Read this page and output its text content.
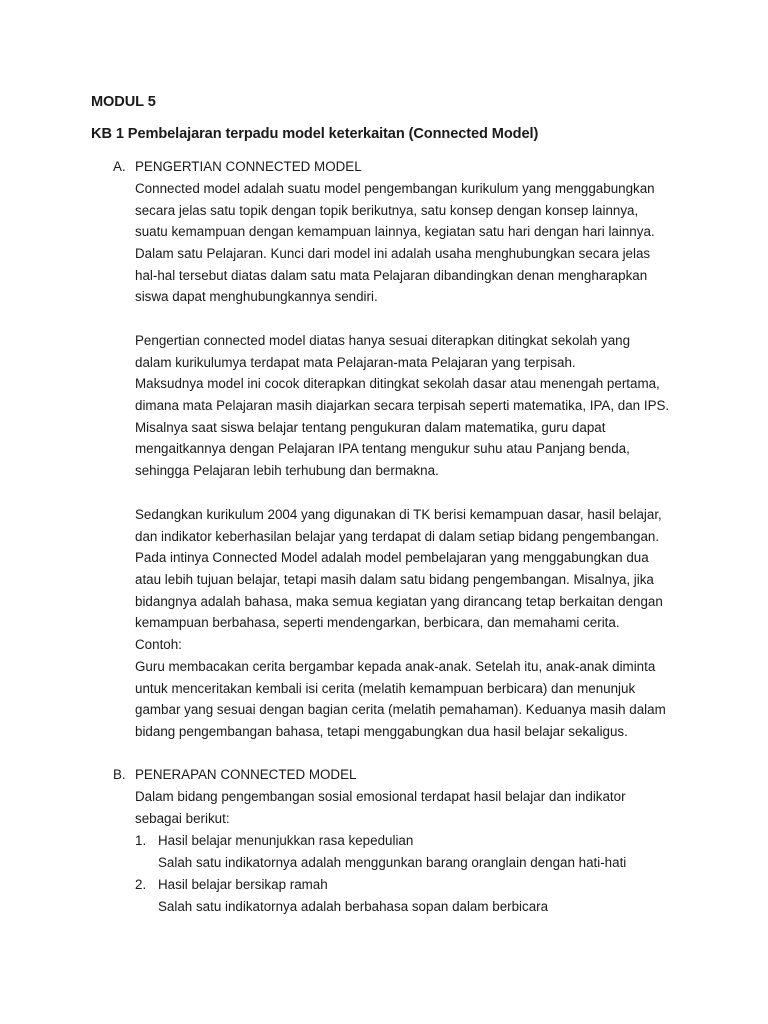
MODUL 5
KB 1 Pembelajaran terpadu model keterkaitan (Connected Model)
A. PENGERTIAN CONNECTED MODEL
Connected model adalah suatu model pengembangan kurikulum yang menggabungkan
secara jelas satu topik dengan topik berikutnya, satu konsep dengan konsep lainnya,
suatu kemampuan dengan kemampuan lainnya, kegiatan satu hari dengan hari lainnya.
Dalam satu Pelajaran. Kunci dari model ini adalah usaha menghubungkan secara jelas
hal-hal tersebut diatas dalam satu mata Pelajaran dibandingkan denan mengharapkan
siswa dapat menghubungkannya sendiri.
Pengertian connected model diatas hanya sesuai diterapkan ditingkat sekolah yang
dalam kurikulumya terdapat mata Pelajaran-mata Pelajaran yang terpisah.
Maksudnya model ini cocok diterapkan ditingkat sekolah dasar atau menengah pertama,
dimana mata Pelajaran masih diajarkan secara terpisah seperti matematika, IPA, dan IPS.
Misalnya saat siswa belajar tentang pengukuran dalam matematika, guru dapat
mengaitkannya dengan Pelajaran IPA tentang mengukur suhu atau Panjang benda,
sehingga Pelajaran lebih terhubung dan bermakna.
Sedangkan kurikulum 2004 yang digunakan di TK berisi kemampuan dasar, hasil belajar,
dan indikator keberhasilan belajar yang terdapat di dalam setiap bidang pengembangan.
Pada intinya Connected Model adalah model pembelajaran yang menggabungkan dua
atau lebih tujuan belajar, tetapi masih dalam satu bidang pengembangan. Misalnya, jika
bidangnya adalah bahasa, maka semua kegiatan yang dirancang tetap berkaitan dengan
kemampuan berbahasa, seperti mendengarkan, berbicara, dan memahami cerita.
Contoh:
Guru membacakan cerita bergambar kepada anak-anak. Setelah itu, anak-anak diminta
untuk menceritakan kembali isi cerita (melatih kemampuan berbicara) dan menunjuk
gambar yang sesuai dengan bagian cerita (melatih pemahaman). Keduanya masih dalam
bidang pengembangan bahasa, tetapi menggabungkan dua hasil belajar sekaligus.
B. PENERAPAN CONNECTED MODEL
Dalam bidang pengembangan sosial emosional terdapat hasil belajar dan indikator
sebagai berikut:
1. Hasil belajar menunjukkan rasa kepedulian
Salah satu indikatornya adalah menggunkan barang oranglain dengan hati-hati
2. Hasil belajar bersikap ramah
Salah satu indikatornya adalah berbahasa sopan dalam berbicara
